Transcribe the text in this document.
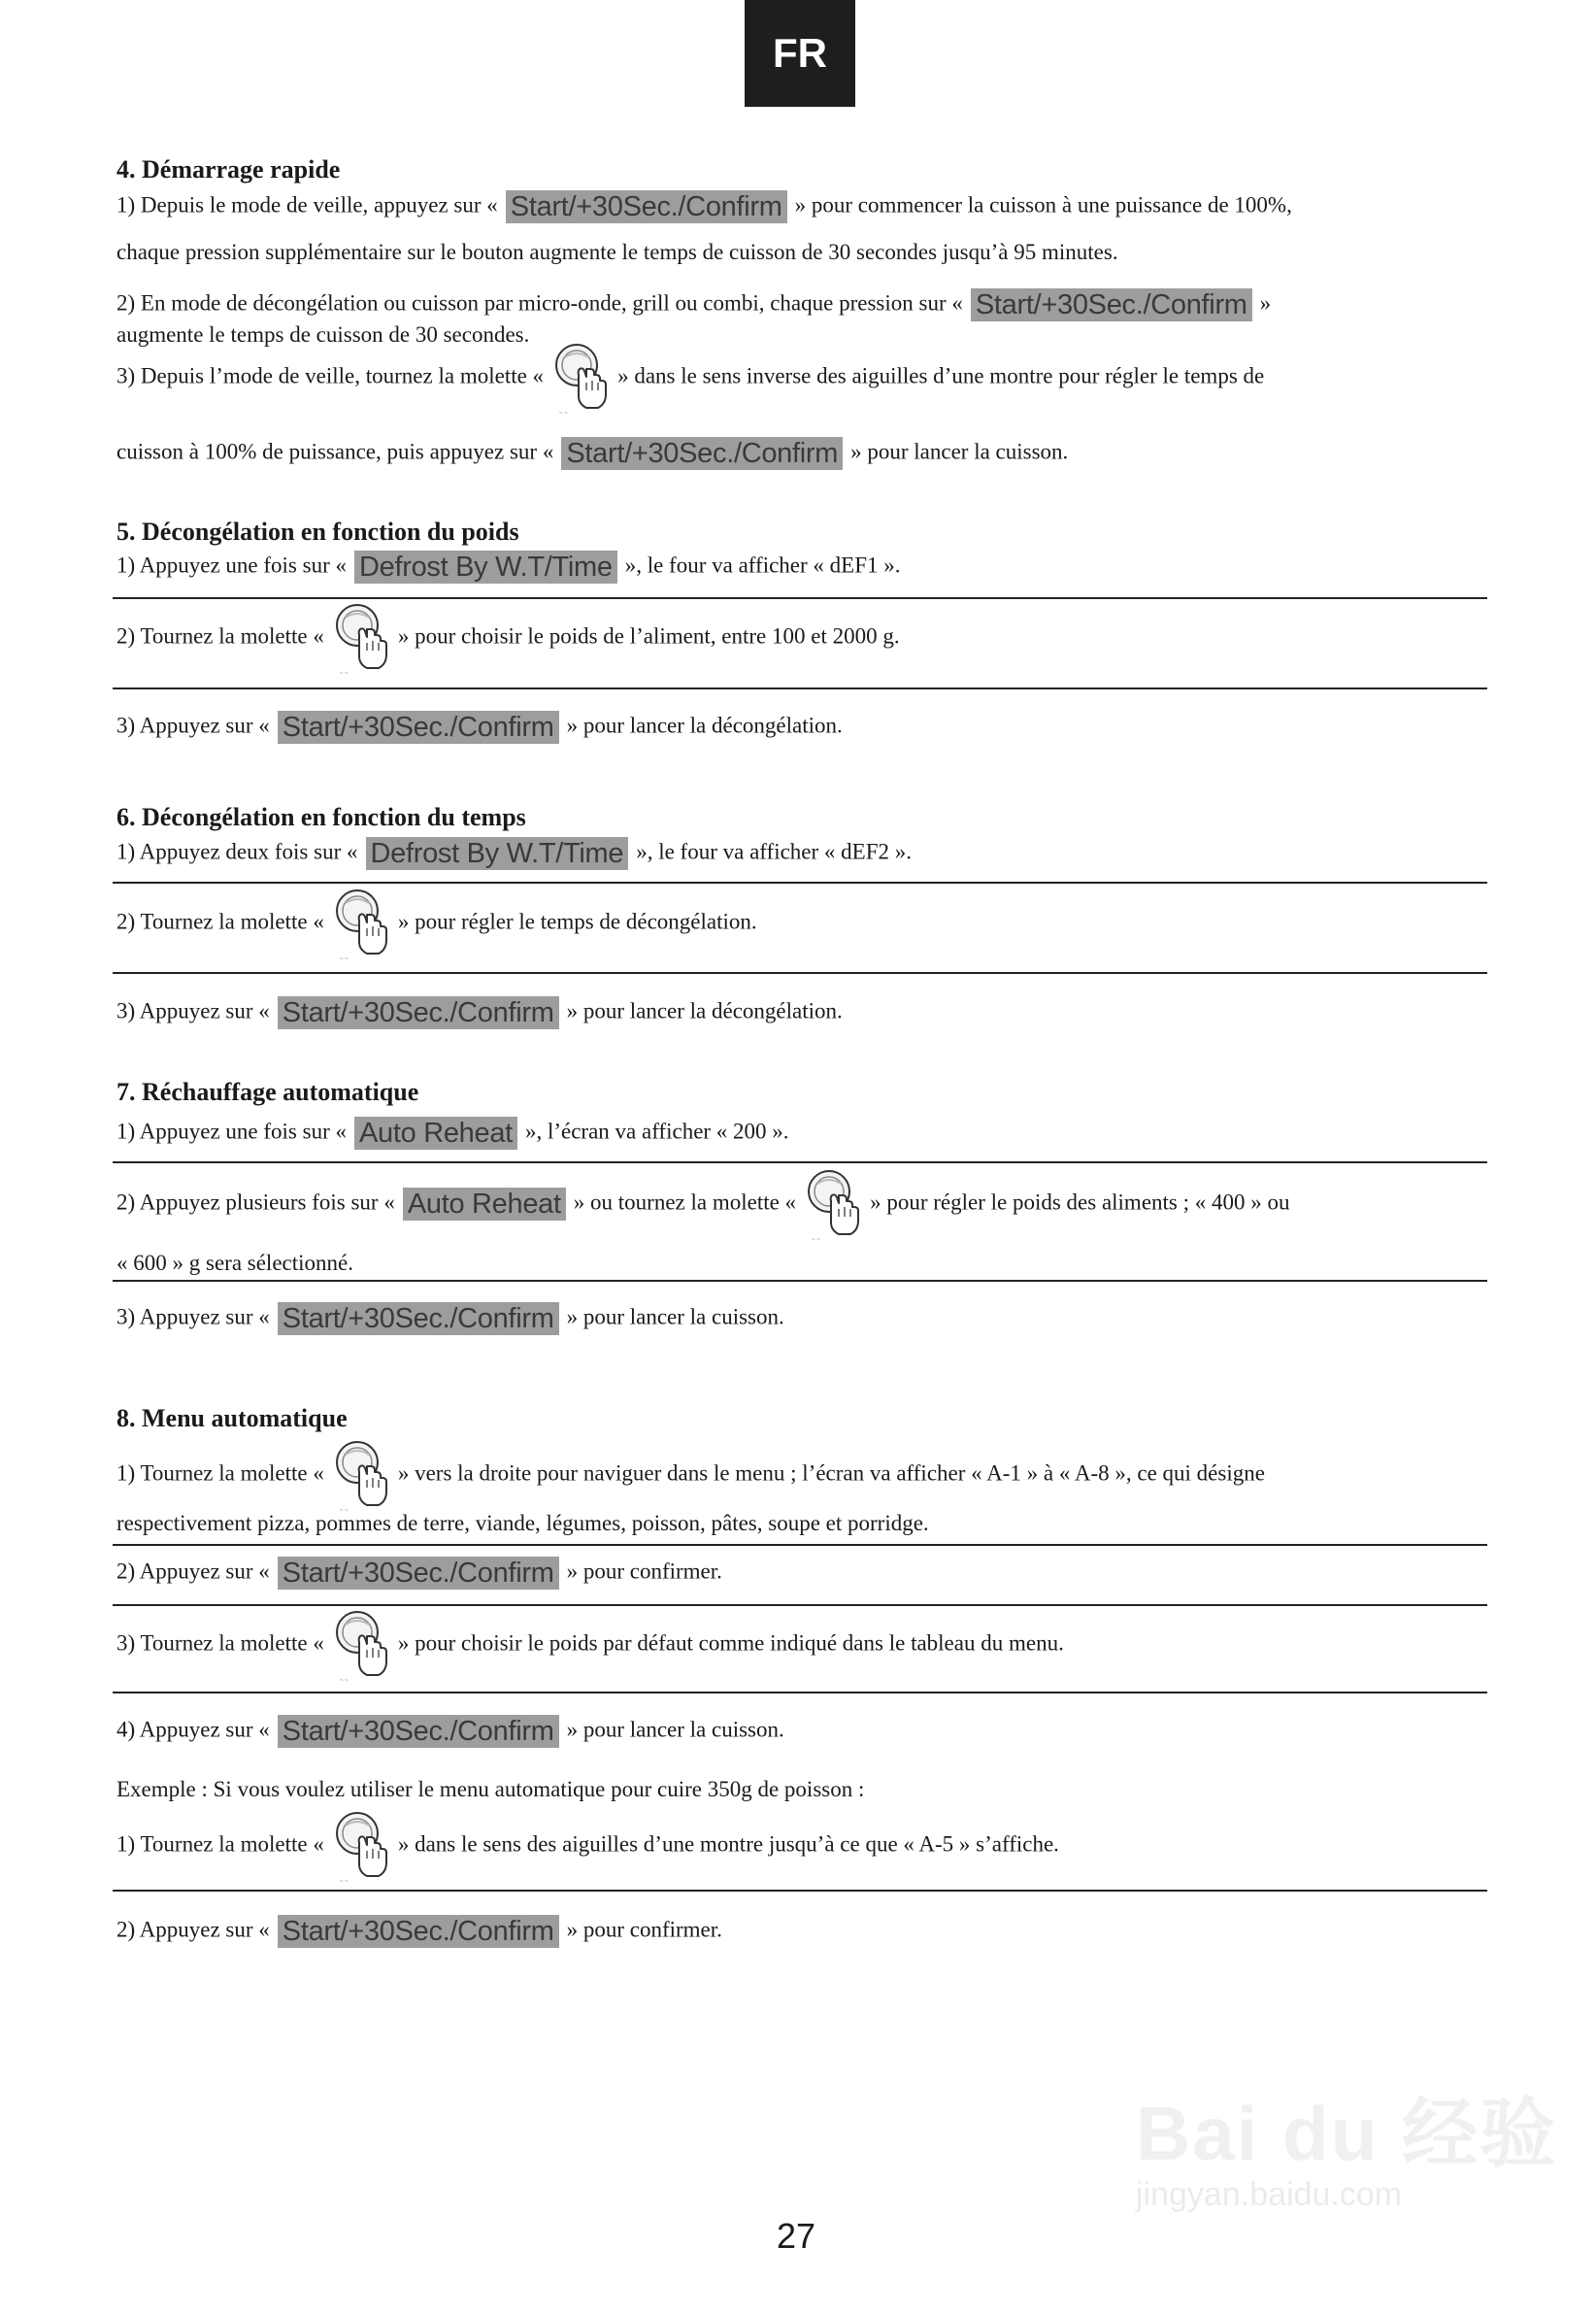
FR
4. Démarrage rapide
1) Depuis le mode de veille, appuyez sur « Start/+30Sec./Confirm » pour commencer la cuisson à une puissance de 100%,
chaque pression supplémentaire sur le bouton augmente le temps de cuisson de 30 secondes jusqu’à 95 minutes.
2) En mode de décongélation ou cuisson par micro-onde, grill ou combi, chaque pression sur « Start/+30Sec./Confirm »
augmente le temps de cuisson de 30 secondes.
3) Depuis l’mode de veille, tournez la molette «	» dans le sens inverse des aiguilles d’une montre pour régler le temps de
cuisson à 100% de puissance, puis appuyez sur « Start/+30Sec./Confirm » pour lancer la cuisson.
5. Décongélation en fonction du poids
1) Appuyez une fois sur « Defrost By W.T/Time », le four va afficher « dEF1 ».
2) Tournez la molette «	» pour choisir le poids de l’aliment, entre 100 et 2000 g.
3) Appuyez sur « Start/+30Sec./Confirm » pour lancer la décongélation.
6. Décongélation en fonction du temps
1) Appuyez deux fois sur « Defrost By W.T/Time », le four va afficher « dEF2 ».
2) Tournez la molette «	» pour régler le temps de décongélation.
3) Appuyez sur « Start/+30Sec./Confirm » pour lancer la décongélation.
7. Réchauffage automatique
1) Appuyez une fois sur « Auto Reheat », l’écran va afficher « 200 ».
2) Appuyez plusieurs fois sur « Auto Reheat » ou tournez la molette «	» pour régler le poids des aliments ; « 400 » ou
« 600 » g sera sélectionné.
3) Appuyez sur « Start/+30Sec./Confirm » pour lancer la cuisson.
8. Menu automatique
1) Tournez la molette «	» vers la droite pour naviguer dans le menu ; l’écran va afficher « A-1 » à « A-8 », ce qui désigne
respectivement pizza, pommes de terre, viande, légumes, poisson, pâtes, soupe et porridge.
2) Appuyez sur « Start/+30Sec./Confirm » pour confirmer.
3) Tournez la molette «	» pour choisir le poids par défaut comme indiqué dans le tableau du menu.
4) Appuyez sur « Start/+30Sec./Confirm » pour lancer la cuisson.
Exemple : Si vous voulez utiliser le menu automatique pour cuire 350g de poisson :
1) Tournez la molette «	» dans le sens des aiguilles d’une montre jusqu’à ce que « A-5 » s’affiche.
2) Appuyez sur « Start/+30Sec./Confirm » pour confirmer.
Bai du 经验
jingyan.baidu.com
27
